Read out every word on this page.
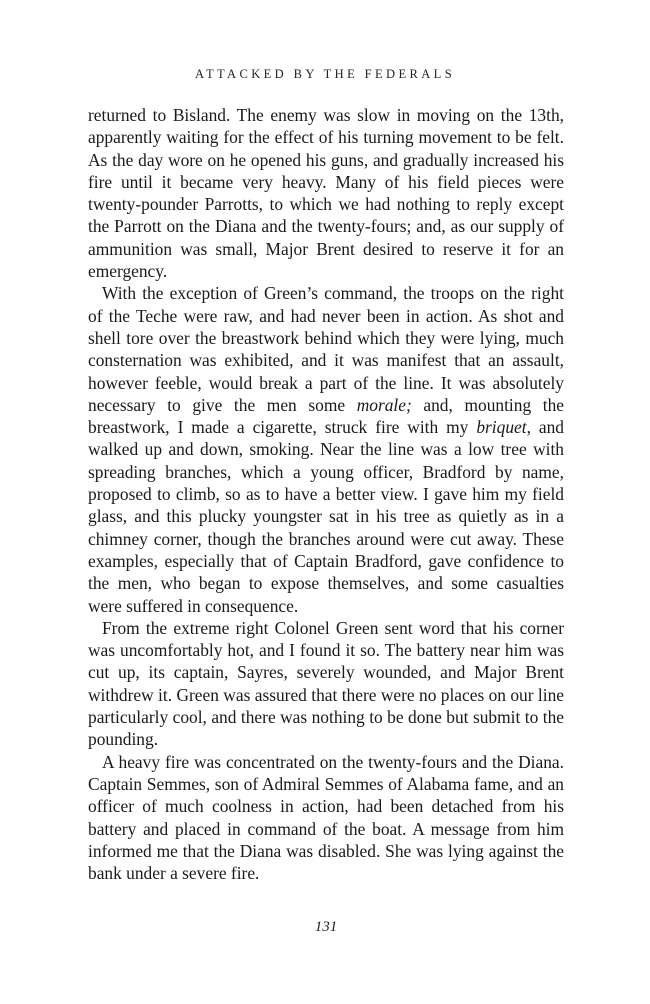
ATTACKED BY THE FEDERALS

returned to Bisland. The enemy was slow in moving on the 13th, apparently waiting for the effect of his turning movement to be felt. As the day wore on he opened his guns, and gradually increased his fire until it became very heavy. Many of his field pieces were twenty-pounder Parrotts, to which we had nothing to reply except the Parrott on the Diana and the twenty-fours; and, as our supply of ammunition was small, Major Brent desired to reserve it for an emergency.

With the exception of Green’s command, the troops on the right of the Teche were raw, and had never been in action. As shot and shell tore over the breastwork behind which they were lying, much consternation was exhibited, and it was manifest that an assault, however feeble, would break a part of the line. It was absolutely necessary to give the men some morale; and, mounting the breastwork, I made a cigarette, struck fire with my briquet, and walked up and down, smoking. Near the line was a low tree with spreading branches, which a young officer, Bradford by name, proposed to climb, so as to have a better view. I gave him my field glass, and this plucky youngster sat in his tree as quietly as in a chimney corner, though the branches around were cut away. These examples, especially that of Captain Bradford, gave confidence to the men, who began to expose themselves, and some casualties were suffered in consequence.

From the extreme right Colonel Green sent word that his corner was uncomfortably hot, and I found it so. The battery near him was cut up, its captain, Sayres, severely wounded, and Major Brent withdrew it. Green was assured that there were no places on our line particularly cool, and there was nothing to be done but submit to the pounding.

A heavy fire was concentrated on the twenty-fours and the Diana. Captain Semmes, son of Admiral Semmes of Alabama fame, and an officer of much coolness in action, had been detached from his battery and placed in command of the boat. A message from him informed me that the Diana was disabled. She was lying against the bank under a severe fire.

131
